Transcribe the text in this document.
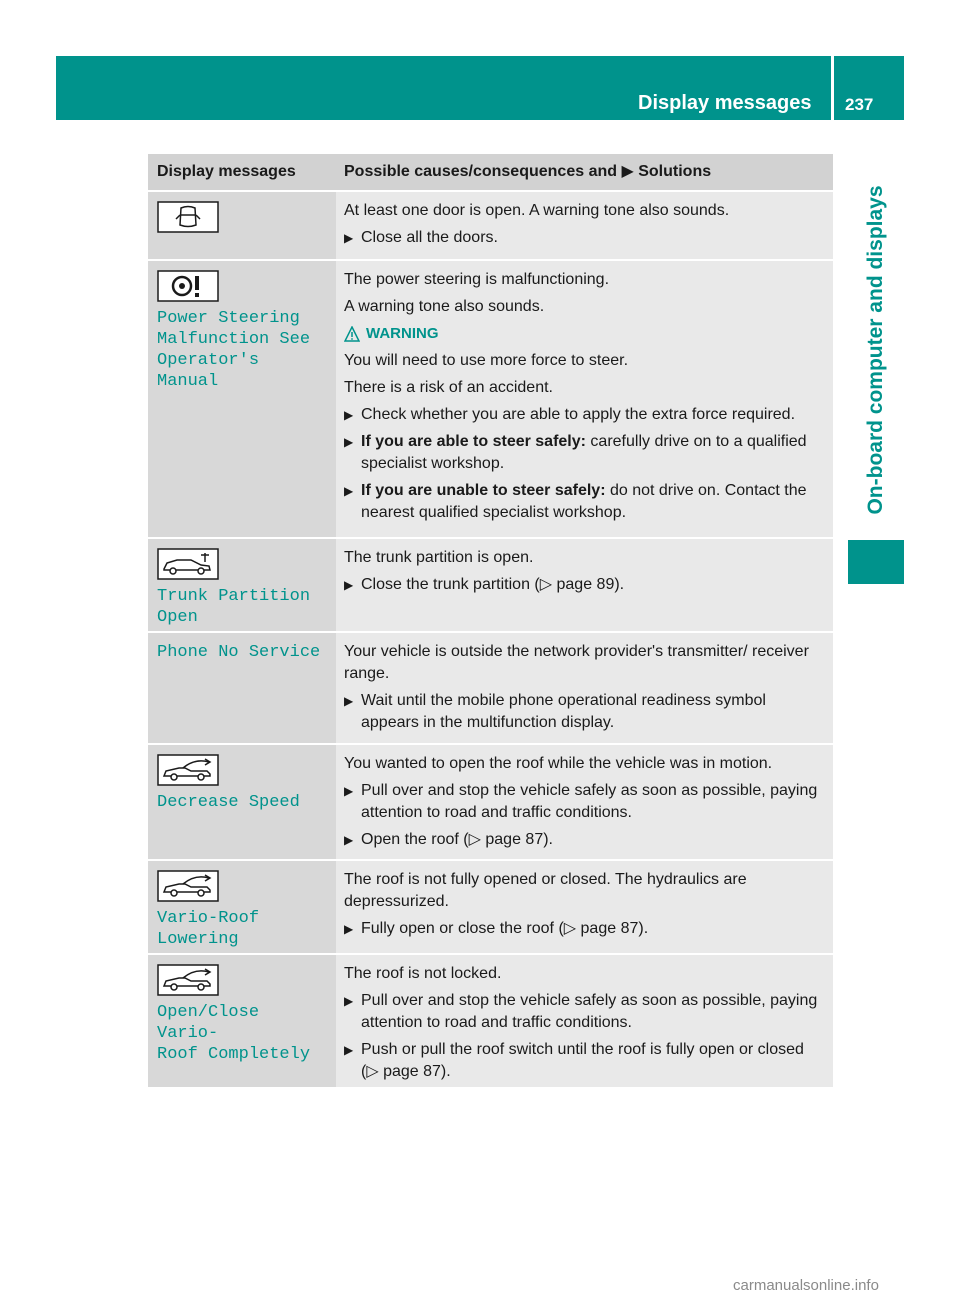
Display messages 237
On-board computer and displays
Display messages	Possible causes/consequences and ▶ Solutions

At least one door is open. A warning tone also sounds.

▶ Close all the doors.

Power Steering
Malfunction See
Operator's Manual

The power steering is malfunctioning.

A warning tone also sounds.

WARNING

You will need to use more force to steer.

There is a risk of an accident.

▶ Check whether you are able to apply the extra force required.

▶ If you are able to steer safely: carefully drive on to a qualified specialist workshop.

▶ If you are unable to steer safely: do not drive on. Contact the nearest qualified specialist workshop.

Trunk Partition
Open

The trunk partition is open.

▶ Close the trunk partition (▷ page 89).

Phone No Service	Your vehicle is outside the network provider's transmitter/ receiver range.

▶ Wait until the mobile phone operational readiness symbol appears in the multifunction display.

Decrease Speed

You wanted to open the roof while the vehicle was in motion.

▶ Pull over and stop the vehicle safely as soon as possible, paying attention to road and traffic conditions.

▶ Open the roof (▷ page 87).

Vario-Roof
Lowering

The roof is not fully opened or closed. The hydraulics are depressurized.

▶ Fully open or close the roof (▷ page 87).

Open/Close Vario-
Roof Completely

The roof is not locked.

▶ Pull over and stop the vehicle safely as soon as possible, paying attention to road and traffic conditions.

▶ Push or pull the roof switch until the roof is fully open or closed
(▷ page 87).

carmanualsonline.info
